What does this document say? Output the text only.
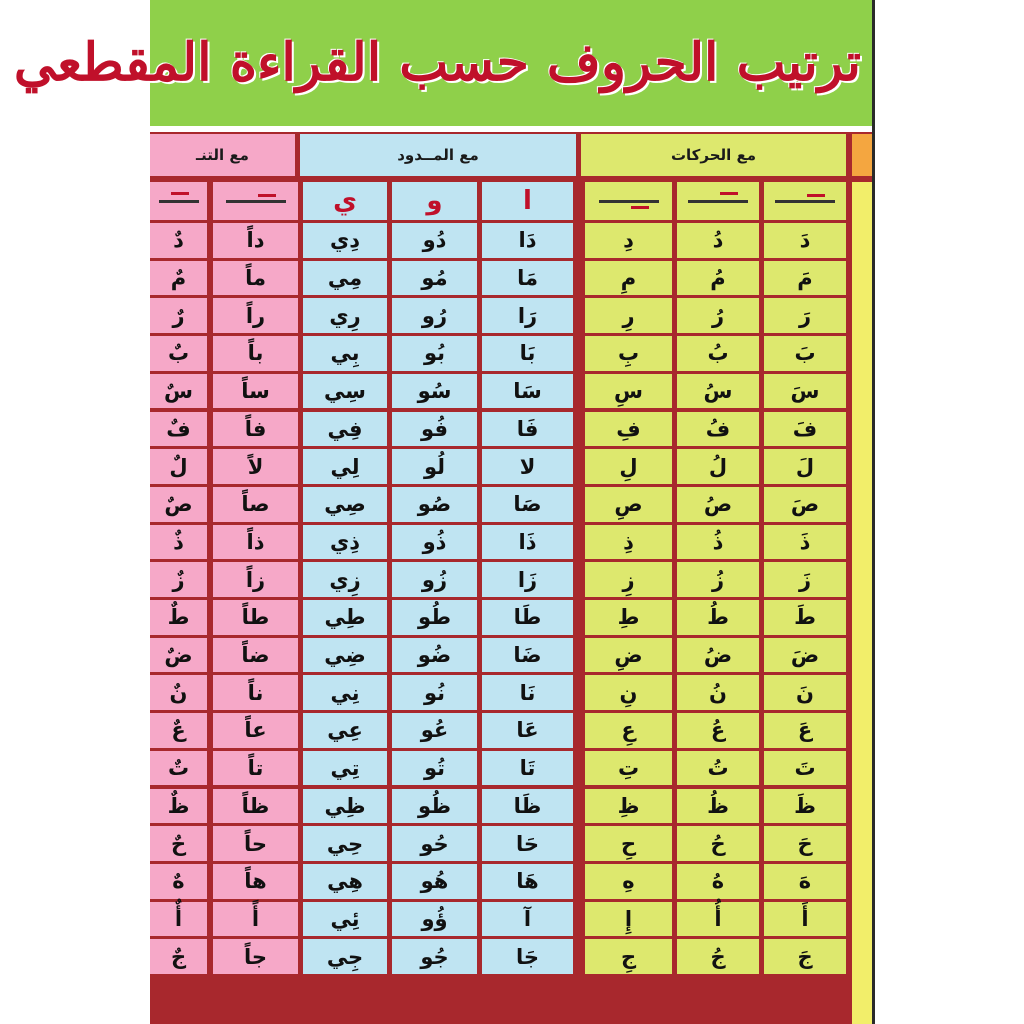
ترتيب الحروف حسب القراءة المقطعي
مع الحركات
مع المــدود
مع التنـ
دَ
مَ
رَ
بَ
سَ
فَ
لَ
صَ
ذَ
زَ
طَ
ضَ
نَ
عَ
تَ
ظَ
حَ
هَ
أَ
جَ
دُ
مُ
رُ
بُ
سُ
فُ
لُ
صُ
ذُ
زُ
طُ
ضُ
نُ
عُ
تُ
ظُ
حُ
هُ
أُ
جُ
دِ
مِ
رِ
بِ
سِ
فِ
لِ
صِ
ذِ
زِ
طِ
ضِ
نِ
عِ
تِ
ظِ
حِ
هِ
إِ
جِ
ا
دَا
مَا
رَا
بَا
سَا
فَا
لا
صَا
ذَا
زَا
طَا
ضَا
نَا
عَا
تَا
ظَا
حَا
هَا
آ
جَا
و
دُو
مُو
رُو
بُو
سُو
فُو
لُو
صُو
ذُو
زُو
طُو
ضُو
نُو
عُو
تُو
ظُو
حُو
هُو
ؤُو
جُو
ي
دِي
مِي
رِي
بِي
سِي
فِي
لِي
صِي
ذِي
زِي
طِي
ضِي
نِي
عِي
تِي
ظِي
حِي
هِي
ئِي
جِي
داً
ماً
راً
باً
ساً
فاً
لاً
صاً
ذاً
زاً
طاً
ضاً
ناً
عاً
تاً
ظاً
حاً
هاً
أً
جاً
دٌ
مٌ
رٌ
بٌ
سٌ
فٌ
لٌ
صٌ
ذٌ
زٌ
طٌ
ضٌ
نٌ
عٌ
تٌ
ظٌ
حٌ
هٌ
أٌ
جٌ
